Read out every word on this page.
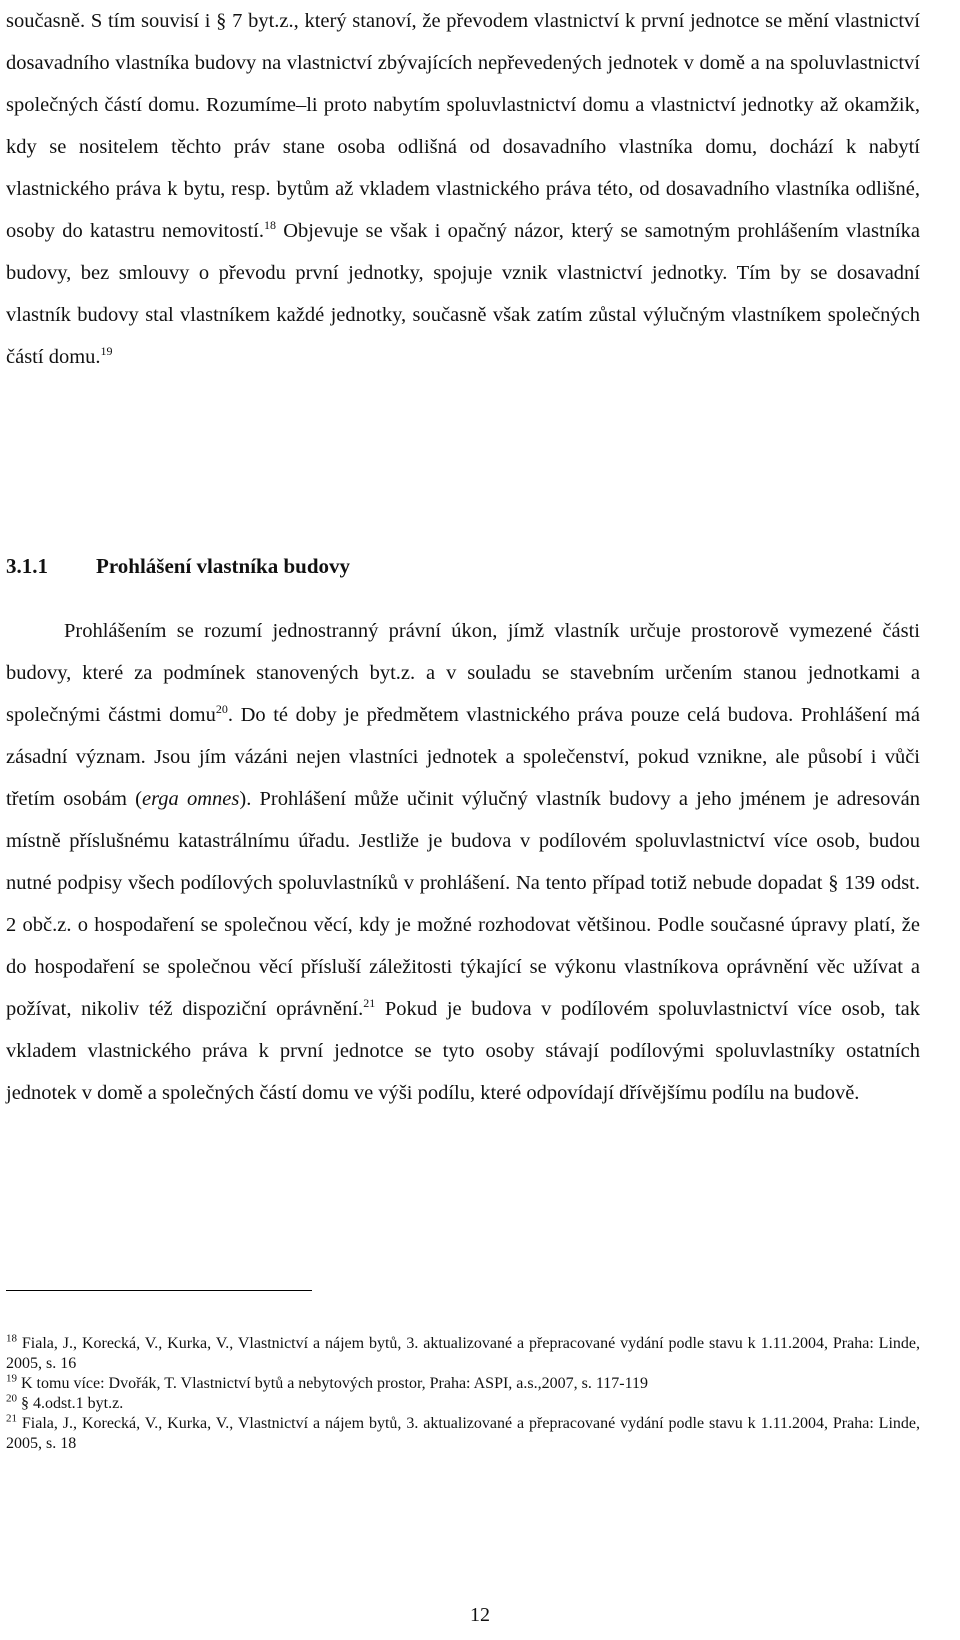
současně. S tím souvisí i § 7 byt.z., který stanoví, že převodem vlastnictví k první jednotce se mění vlastnictví dosavadního vlastníka budovy na vlastnictví zbývajících nepřevedených jednotek v domě a na spoluvlastnictví společných částí domu. Rozumíme–li proto nabytím spoluvlastnictví domu a vlastnictví jednotky až okamžik, kdy se nositelem těchto práv stane osoba odlišná od dosavadního vlastníka domu, dochází k nabytí vlastnického práva k bytu, resp. bytům až vkladem vlastnického práva této, od dosavadního vlastníka odlišné, osoby do katastru nemovitostí.$^{18}$ Objevuje se však i opačný názor, který se samotným prohlášením vlastníka budovy, bez smlouvy o převodu první jednotky, spojuje vznik vlastnictví jednotky. Tím by se dosavadní vlastník budovy stal vlastníkem každé jednotky, současně však zatím zůstal výlučným vlastníkem společných částí domu.$^{19}$

3.1.1 Prohlášení vlastníka budovy

Prohlášením se rozumí jednostranný právní úkon, jímž vlastník určuje prostorově vymezené části budovy, které za podmínek stanovených byt.z. a v souladu se stavebním určením stanou jednotkami a společnými částmi domu$^{20}$. Do té doby je předmětem vlastnického práva pouze celá budova. Prohlášení má zásadní význam. Jsou jím vázáni nejen vlastníci jednotek a společenství, pokud vznikne, ale působí i vůči třetím osobám (erga omnes). Prohlášení může učinit výlučný vlastník budovy a jeho jménem je adresován místně příslušnému katastrálnímu úřadu. Jestliže je budova v podílovém spoluvlastnictví více osob, budou nutné podpisy všech podílových spoluvlastníků v prohlášení. Na tento případ totiž nebude dopadat § 139 odst. 2 obč.z. o hospodaření se společnou věcí, kdy je možné rozhodovat většinou. Podle současné úpravy platí, že do hospodaření se společnou věcí přísluší záležitosti týkající se výkonu vlastníkova oprávnění věc užívat a požívat, nikoliv též dispoziční oprávnění.$^{21}$ Pokud je budova v podílovém spoluvlastnictví více osob, tak vkladem vlastnického práva k první jednotce se tyto osoby stávají podílovými spoluvlastníky ostatních jednotek v domě a společných částí domu ve výši podílu, které odpovídají dřívějšímu podílu na budově.

$^{18}$ Fiala, J., Korecká, V., Kurka, V., Vlastnictví a nájem bytů, 3. aktualizované a přepracované vydání podle stavu k 1.11.2004, Praha: Linde, 2005, s. 16

$^{19}$ K tomu více: Dvořák, T. Vlastnictví bytů a nebytových prostor, Praha: ASPI, a.s.,2007, s. 117-119

$^{20}$ § 4.odst.1 byt.z.

$^{21}$ Fiala, J., Korecká, V., Kurka, V., Vlastnictví a nájem bytů, 3. aktualizované a přepracované vydání podle stavu k 1.11.2004, Praha: Linde, 2005, s. 18

12
